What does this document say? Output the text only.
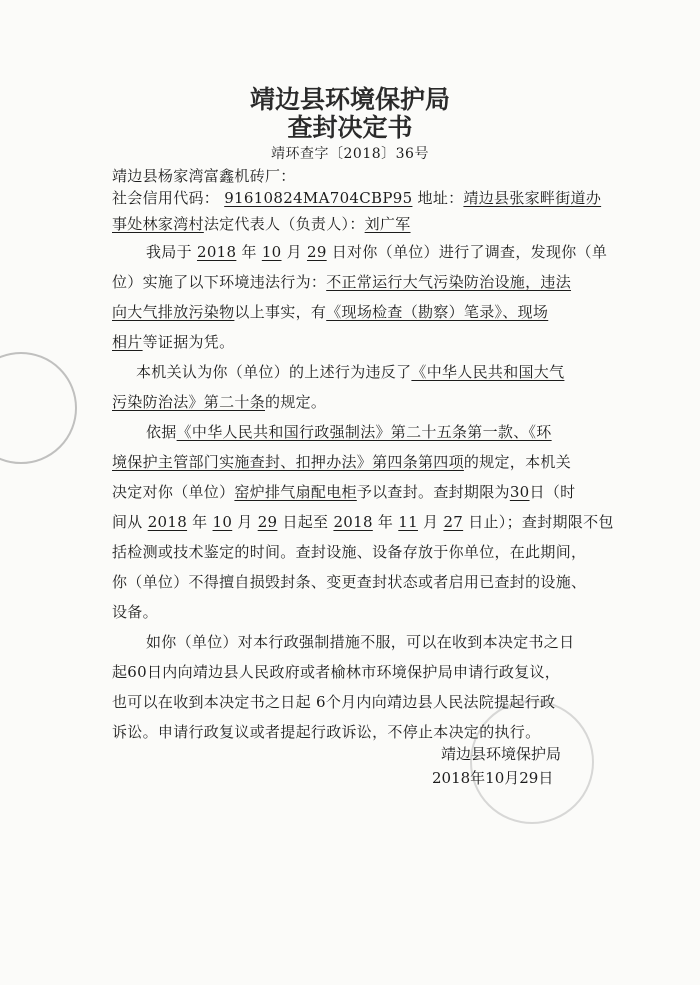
靖边县环境保护局
查封决定书
靖环查字〔2018〕36号
靖边县杨家湾富鑫机砖厂：
社会信用代码： 91610824MA704CBP95 地址：靖边县张家畔街道办
事处林家湾村法定代表人（负责人）：刘广军
我局于 2018 年 10 月 29 日对你（单位）进行了调查，发现你（单
位）实施了以下环境违法行为：不正常运行大气污染防治设施，违法
向大气排放污染物以上事实，有《现场检查（勘察）笔录》、现场
相片等证据为凭。
本机关认为你（单位）的上述行为违反了《中华人民共和国大气
污染防治法》第二十条的规定。
依据《中华人民共和国行政强制法》第二十五条第一款、《环
境保护主管部门实施查封、扣押办法》第四条第四项的规定，本机关
决定对你（单位）窑炉排气扇配电柜予以查封。查封期限为30日（时
间从 2018 年 10 月 29 日起至 2018 年 11 月 27 日止）；查封期限不包
括检测或技术鉴定的时间。查封设施、设备存放于你单位，在此期间，
你（单位）不得擅自损毁封条、变更查封状态或者启用已查封的设施、
设备。
如你（单位）对本行政强制措施不服，可以在收到本决定书之日
起60日内向靖边县人民政府或者榆林市环境保护局申请行政复议，
也可以在收到本决定书之日起 6个月内向靖边县人民法院提起行政
诉讼。申请行政复议或者提起行政诉讼，不停止本决定的执行。
靖边县环境保护局
2018年10月29日
